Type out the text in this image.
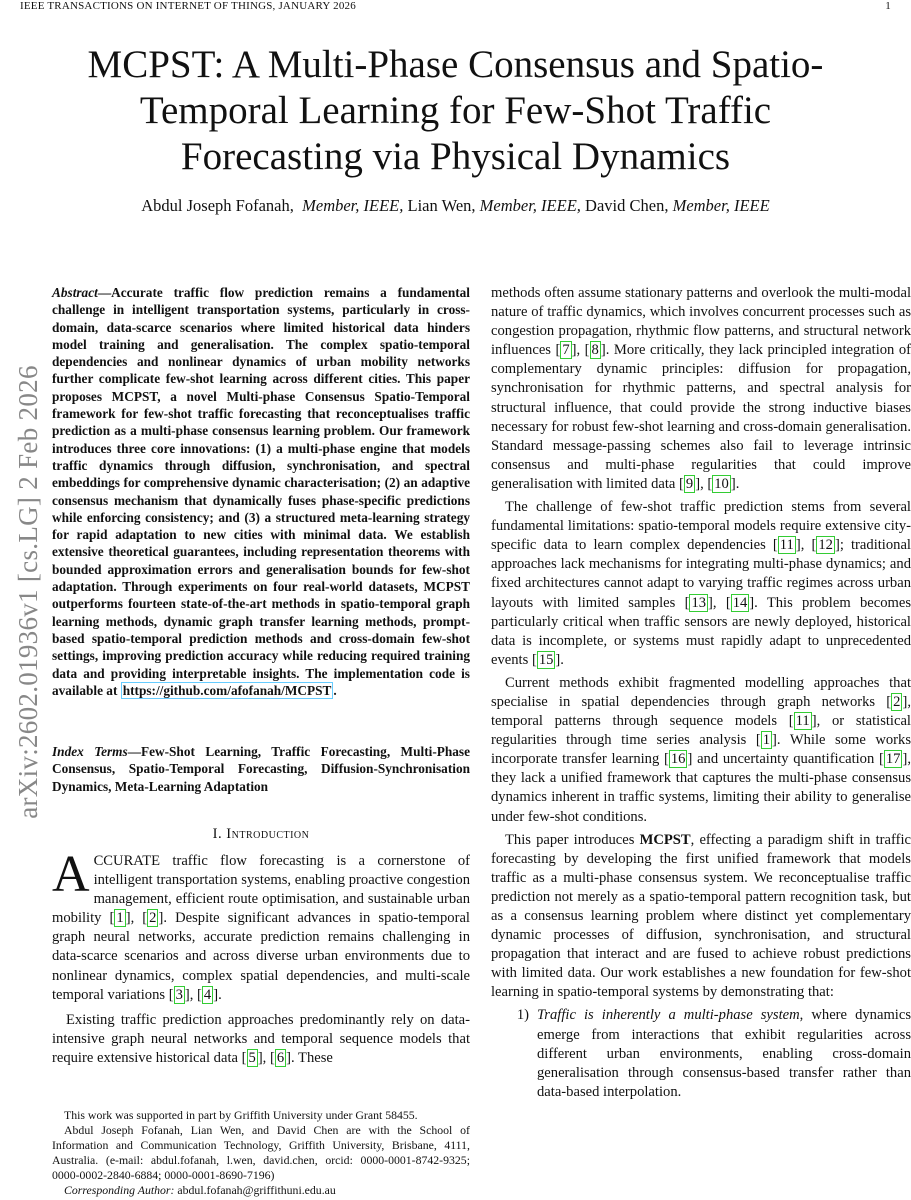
IEEE TRANSACTIONS ON INTERNET OF THINGS, JANUARY 2026	1
MCPST: A Multi-Phase Consensus and Spatio-Temporal Learning for Few-Shot Traffic Forecasting via Physical Dynamics
Abdul Joseph Fofanah, Member, IEEE, Lian Wen, Member, IEEE, David Chen, Member, IEEE
arXiv:2602.01936v1 [cs.LG] 2 Feb 2026
Abstract—Accurate traffic flow prediction remains a fundamental challenge in intelligent transportation systems, particularly in cross-domain, data-scarce scenarios where limited historical data hinders model training and generalisation. The complex spatio-temporal dependencies and nonlinear dynamics of urban mobility networks further complicate few-shot learning across different cities. This paper proposes MCPST, a novel Multi-phase Consensus Spatio-Temporal framework for few-shot traffic forecasting that reconceptualises traffic prediction as a multi-phase consensus learning problem. Our framework introduces three core innovations: (1) a multi-phase engine that models traffic dynamics through diffusion, synchronisation, and spectral embeddings for comprehensive dynamic characterisation; (2) an adaptive consensus mechanism that dynamically fuses phase-specific predictions while enforcing consistency; and (3) a structured meta-learning strategy for rapid adaptation to new cities with minimal data. We establish extensive theoretical guarantees, including representation theorems with bounded approximation errors and generalisation bounds for few-shot adaptation. Through experiments on four real-world datasets, MCPST outperforms fourteen state-of-the-art methods in spatio-temporal graph learning methods, dynamic graph transfer learning methods, prompt-based spatio-temporal prediction methods and cross-domain few-shot settings, improving prediction accuracy while reducing required training data and providing interpretable insights. The implementation code is available at https://github.com/afofanah/MCPST .
Index Terms—Few-Shot Learning, Traffic Forecasting, Multi-Phase Consensus, Spatio-Temporal Forecasting, Diffusion-Synchronisation Dynamics, Meta-Learning Adaptation
I. Introduction

ACCURATE traffic flow forecasting is a cornerstone of intelligent transportation systems, enabling proactive congestion management, efficient route optimisation, and sustainable urban mobility [ 1 ], [ 2 ]. Despite significant advances in spatio-temporal graph neural networks, accurate prediction remains challenging in data-scarce scenarios and across diverse urban environments due to nonlinear dynamics, complex spatial dependencies, and multi-scale temporal variations [ 3 ], [ 4 ].

Existing traffic prediction approaches predominantly rely on data-intensive graph neural networks and temporal sequence models that require extensive historical data [ 5 ], [ 6 ]. These

This work was supported in part by Griffith University under Grant 58455.

Abdul Joseph Fofanah, Lian Wen, and David Chen are with the School of Information and Communication Technology, Griffith University, Brisbane, 4111, Australia. (e-mail: abdul.fofanah, l.wen, david.chen, orcid: 0000-0001-8742-9325; 0000-0002-2840-6884; 0000-0001-8690-7196)

Corresponding Author: abdul.fofanah@griffithuni.edu.au

methods often assume stationary patterns and overlook the multi-modal nature of traffic dynamics, which involves concurrent processes such as congestion propagation, rhythmic flow patterns, and structural network influences [ 7 ], [ 8 ]. More critically, they lack principled integration of complementary dynamic principles: diffusion for propagation, synchronisation for rhythmic patterns, and spectral analysis for structural influence, that could provide the strong inductive biases necessary for robust few-shot learning and cross-domain generalisation. Standard message-passing schemes also fail to leverage intrinsic consensus and multi-phase regularities that could improve generalisation with limited data [ 9 ], [ 10 ].

The challenge of few-shot traffic prediction stems from several fundamental limitations: spatio-temporal models require extensive city-specific data to learn complex dependencies [ 11 ], [ 12 ]; traditional approaches lack mechanisms for integrating multi-phase dynamics; and fixed architectures cannot adapt to varying traffic regimes across urban layouts with limited samples [ 13 ], [ 14 ]. This problem becomes particularly critical when traffic sensors are newly deployed, historical data is incomplete, or systems must rapidly adapt to unprecedented events [ 15 ].

Current methods exhibit fragmented modelling approaches that specialise in spatial dependencies through graph networks [ 2 ], temporal patterns through sequence models [ 11 ], or statistical regularities through time series analysis [ 1 ]. While some works incorporate transfer learning [ 16 ] and uncertainty quantification [ 17 ], they lack a unified framework that captures the multi-phase consensus dynamics inherent in traffic systems, limiting their ability to generalise under few-shot conditions.

This paper introduces MCPST, effecting a paradigm shift in traffic forecasting by developing the first unified framework that models traffic as a multi-phase consensus system. We reconceptualise traffic prediction not merely as a spatio-temporal pattern recognition task, but as a consensus learning problem where distinct yet complementary dynamic processes of diffusion, synchronisation, and structural propagation that interact and are fused to achieve robust predictions with limited data. Our work establishes a new foundation for few-shot learning in spatio-temporal systems by demonstrating that:

1) Traffic is inherently a multi-phase system, where dynamics emerge from interactions that exhibit regularities across different urban environments, enabling cross-domain generalisation through consensus-based transfer rather than data-based interpolation.
